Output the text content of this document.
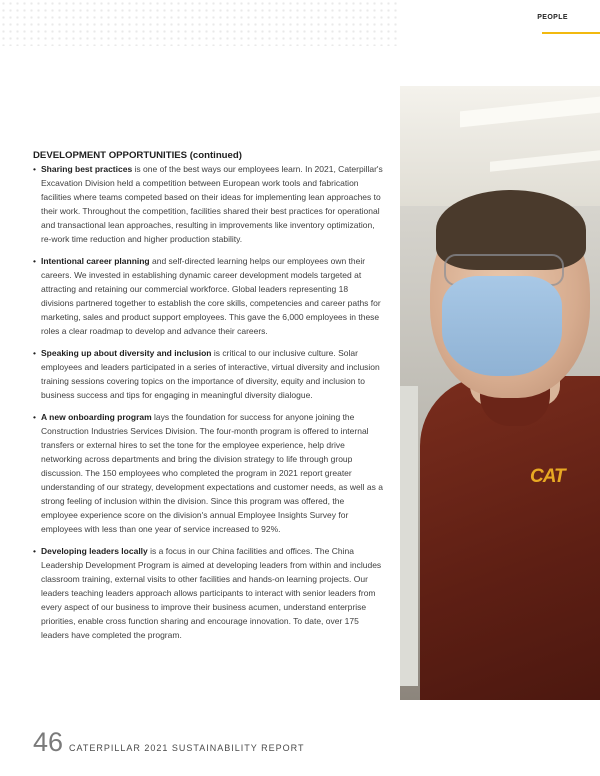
PEOPLE
CAT
DEVELOPMENT OPPORTUNITIES (continued)
• Sharing best practices is one of the best ways our employees learn. In 2021, Caterpillar's Excavation Division held a competition between European work tools and fabrication facilities where teams competed based on their ideas for implementing lean approaches to their work. Throughout the competition, facilities shared their best practices for operational and transactional lean approaches, resulting in improvements like inventory optimization, re-work time reduction and higher production stability.
• Intentional career planning and self-directed learning helps our employees own their careers. We invested in establishing dynamic career development models targeted at attracting and retaining our commercial workforce. Global leaders representing 18 divisions partnered together to establish the core skills, competencies and career paths for marketing, sales and product support employees. This gave the 6,000 employees in these roles a clear roadmap to develop and advance their careers.
• Speaking up about diversity and inclusion is critical to our inclusive culture. Solar employees and leaders participated in a series of interactive, virtual diversity and inclusion training sessions covering topics on the importance of diversity, equity and inclusion to business success and tips for engaging in meaningful diversity dialogue.
• A new onboarding program lays the foundation for success for anyone joining the Construction Industries Services Division. The four-month program is offered to internal transfers or external hires to set the tone for the employee experience, help drive networking across departments and bring the division strategy to life through group discussion. The 150 employees who completed the program in 2021 report greater understanding of our strategy, development expectations and customer needs, as well as a strong feeling of inclusion within the division. Since this program was offered, the employee experience score on the division's annual Employee Insights Survey for employees with less than one year of service increased to 92%.
• Developing leaders locally is a focus in our China facilities and offices. The China Leadership Development Program is aimed at developing leaders from within and includes classroom training, external visits to other facilities and hands-on learning projects. Our leaders teaching leaders approach allows participants to interact with senior leaders from every aspect of our business to improve their business acumen, understand enterprise priorities, enable cross function sharing and encourage innovation. To date, over 175 leaders have completed the program.
46 CATERPILLAR 2021 SUSTAINABILITY REPORT
